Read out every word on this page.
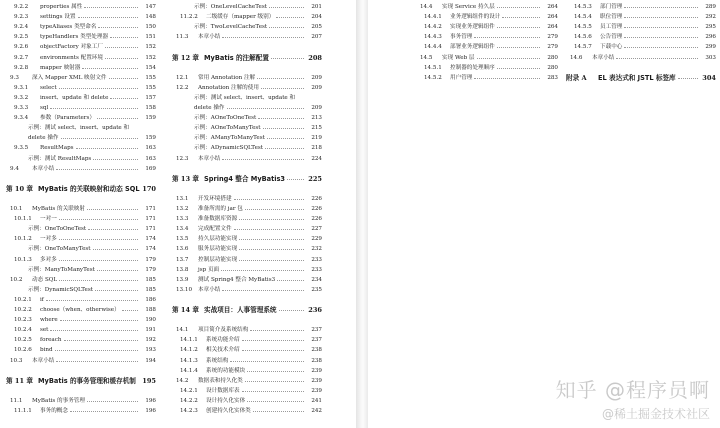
9.2.2 properties 属性	147
9.2.3 settings 设置	148
9.2.4 typeAliases 类型命名	150
9.2.5 typeHandlers 类型处理器	151
9.2.6 objectFactory 对象工厂	152
9.2.7 environments 配置环境	152
9.2.8 mapper 映射器	154
9.3 深入 Mapper XML 映射文件	155
9.3.1 select	155
9.3.2 insert、update 和 delete	157
9.3.3 sql	158
9.3.4 参数（Parameters）	159
示例：测试 select、insert、update 和
delete 操作	159
9.3.5 ResultMaps	163
示例：测试 ResultMaps	163
9.4 本章小结	169
第 10 章 MyBatis 的关联映射和动态 SQL 170
10.1 MyBatis 的关联映射	171
10.1.1 一对一	171
示例：OneToOneTest	171
10.1.2 一对多	174
示例：OneToManyTest	174
10.1.3 多对多	179
示例：ManyToManyTest	179
10.2 动态 SQL	185
示例：DynamicSQLTest	185
10.2.1 if	186
10.2.2 choose（when、otherwise）	188
10.2.3 where	190
10.2.4 set	191
10.2.5 foreach	192
10.2.6 bind	193
10.3 本章小结	194
第 11 章 MyBatis 的事务管理和缓存机制 195
11.1 MyBatis 的事务管理	196
11.1.1 事务的概念	196
示例：OneLevelCacheTest	201
11.2.2 二级缓存（mapper 级别）	204
示例：TwoLevelCacheTest	205
11.3 本章小结	207
第 12 章 MyBatis 的注解配置	208
12.1 常用 Annotation 注解	209
12.2 Annotation 注解的使用	209
示例：测试 select、insert、update 和
delete 操作	209
示例：AOneToOneTest	213
示例：AOneToManyTest	215
示例：AManyToManyTest	219
示例：ADynamicSQLTest	218
12.3 本章小结	224
第 13 章 Spring4 整合 MyBatis3	225
13.1 开发环境搭建	226
13.2 准备所需的 jar 包	226
13.3 准备数据库资源	226
13.4 完成配置文件	227
13.5 持久层功能实现	229
13.6 服务层功能实现	232
13.7 控制层功能实现	233
13.8 jsp 页面	233
13.9 测试 Spring4 整合 MyBatis3	234
13.10 本章小结	235
第 14 章 实战项目：人事管理系统	236
14.1 项目简介及系统结构	237
14.1.1 系统功能介绍	237
14.1.2 相关技术介绍	238
14.1.3 系统结构	238
14.1.4 系统的功能模块	239
14.2 数据表和持久化类	239
14.2.1 设计数据库表	239
14.2.2 设计持久化实体	241
14.2.3 创建持久化实体类	242
14.4 实现 Service 持久层	264
14.4.1 业务逻辑组件的设计	264
14.4.2 实现业务逻辑组件	264
14.4.3 事务管理	279
14.4.4 部署业务逻辑组件	279
14.5 实现 Web 层	280
14.5.1 控制器的处理顺序	280
14.5.2 用户管理	283
14.5.3 部门管理	289
14.5.4 职位管理	292
14.5.5 员工管理	295
14.5.6 公告管理	296
14.5.7 下载中心	299
14.6 本章小结	303
附录 A EL 表达式和 JSTL 标签库	304
知乎 @程序员啊
@稀土掘金技术社区
